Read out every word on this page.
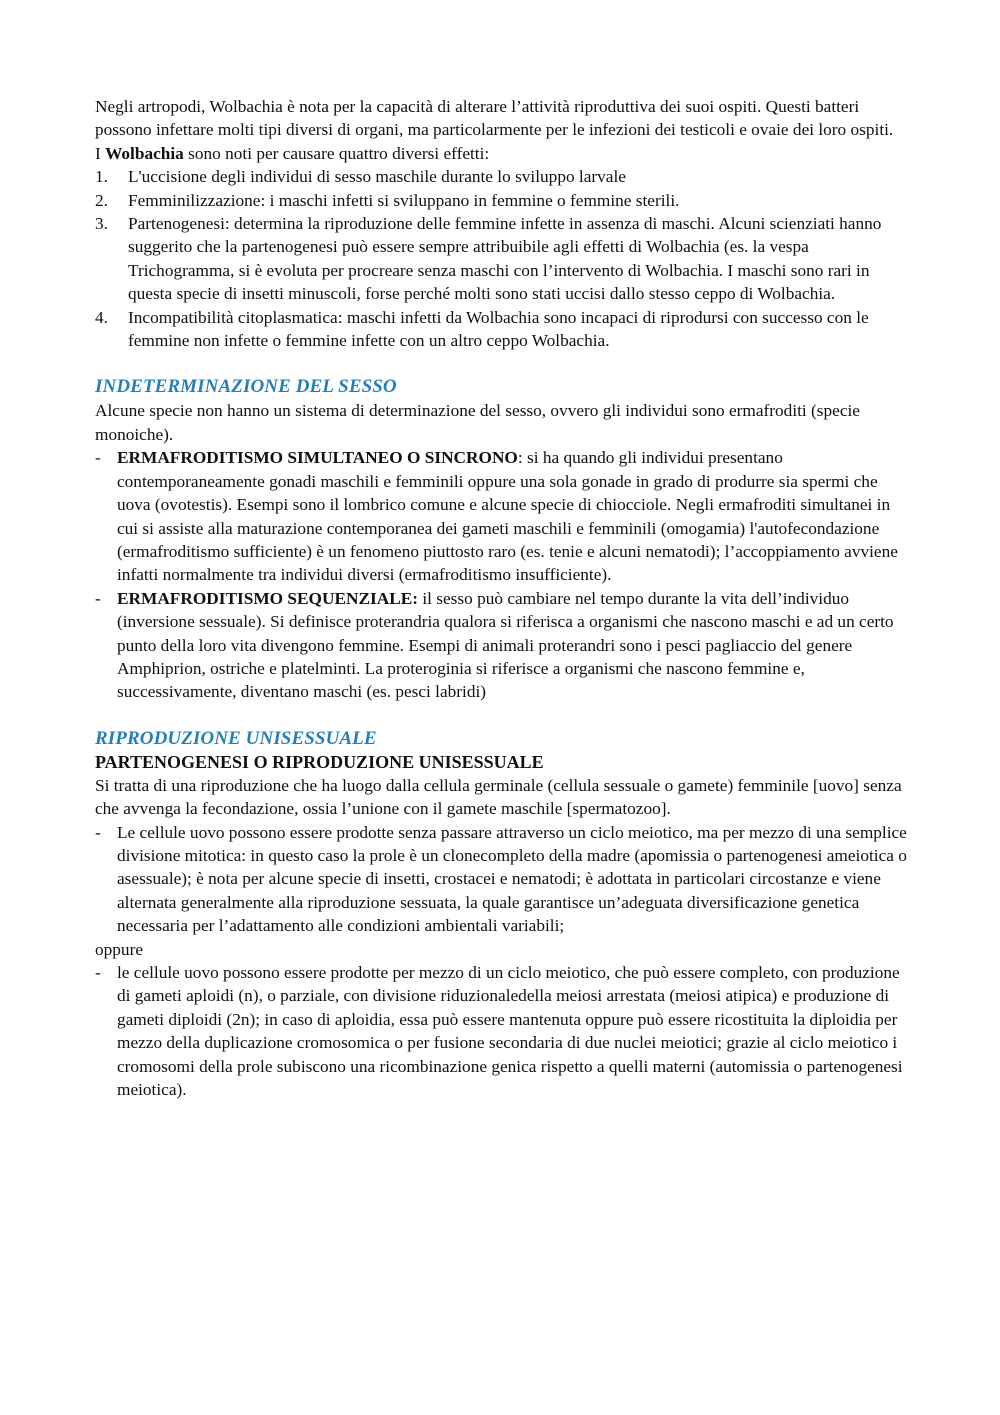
Negli artropodi, Wolbachia è nota per la capacità di alterare l’attività riproduttiva dei suoi ospiti. Questi batteri possono infettare molti tipi diversi di organi, ma particolarmente per le infezioni dei testicoli e ovaie dei loro ospiti.

I Wolbachia sono noti per causare quattro diversi effetti:

1. L'uccisione degli individui di sesso maschile durante lo sviluppo larvale
2. Femminilizzazione: i maschi infetti si sviluppano in femmine o femmine sterili.
3. Partenogenesi: determina la riproduzione delle femmine infette in assenza di maschi. Alcuni scienziati hanno suggerito che la partenogenesi può essere sempre attribuibile agli effetti di Wolbachia (es. la vespa Trichogramma, si è evoluta per procreare senza maschi con l’intervento di Wolbachia. I maschi sono rari in questa specie di insetti minuscoli, forse perché molti sono stati uccisi dallo stesso ceppo di Wolbachia.
4. Incompatibilità citoplasmatica: maschi infetti da Wolbachia sono incapaci di riprodursi con successo con le femmine non infette o femmine infette con un altro ceppo Wolbachia.
INDETERMINAZIONE DEL SESSO

Alcune specie non hanno un sistema di determinazione del sesso, ovvero gli individui sono ermafroditi (specie monoiche).

- ERMAFRODITISMO SIMULTANEO O SINCRONO: si ha quando gli individui presentano contemporaneamente gonadi maschili e femminili oppure una sola gonade in grado di produrre sia spermi che uova (ovotestis). Esempi sono il lombrico comune e alcune specie di chiocciole. Negli ermafroditi simultanei in cui si assiste alla maturazione contemporanea dei gameti maschili e femminili (omogamia) l'autofecondazione (ermafroditismo sufficiente) è un fenomeno piuttosto raro (es. tenie e alcuni nematodi); l’accoppiamento avviene infatti normalmente tra individui diversi (ermafroditismo insufficiente).
- ERMAFRODITISMO SEQUENZIALE: il sesso può cambiare nel tempo durante la vita dell’individuo (inversione sessuale). Si definisce proterandria qualora si riferisca a organismi che nascono maschi e ad un certo punto della loro vita divengono femmine. Esempi di animali proterandri sono i pesci pagliaccio del genere Amphiprion, ostriche e platelminti. La proteroginia si riferisce a organismi che nascono femmine e, successivamente, diventano maschi (es. pesci labridi)
RIPRODUZIONE UNISESSUALE
PARTENOGENESI O RIPRODUZIONE UNISESSUALE

Si tratta di una riproduzione che ha luogo dalla cellula germinale (cellula sessuale o gamete) femminile [uovo] senza che avvenga la fecondazione, ossia l’unione con il gamete maschile [spermatozoo].

- Le cellule uovo possono essere prodotte senza passare attraverso un ciclo meiotico, ma per mezzo di una semplice divisione mitotica: in questo caso la prole è un clonecompleto della madre (apomissia o partenogenesi ameiotica o asessuale); è nota per alcune specie di insetti, crostacei e nematodi; è adottata in particolari circostanze e viene alternata generalmente alla riproduzione sessuata, la quale garantisce un’adeguata diversificazione genetica necessaria per l’adattamento alle condizioni ambientali variabili;

oppure

- le cellule uovo possono essere prodotte per mezzo di un ciclo meiotico, che può essere completo, con produzione di gameti aploidi (n), o parziale, con divisione riduzionaledella meiosi arrestata (meiosi atipica) e produzione di gameti diploidi (2n); in caso di aploidia, essa può essere mantenuta oppure può essere ricostituita la diploidia per mezzo della duplicazione cromosomica o per fusione secondaria di due nuclei meiotici; grazie al ciclo meiotico i cromosomi della prole subiscono una ricombinazione genica rispetto a quelli materni (automissia o partenogenesi meiotica).
